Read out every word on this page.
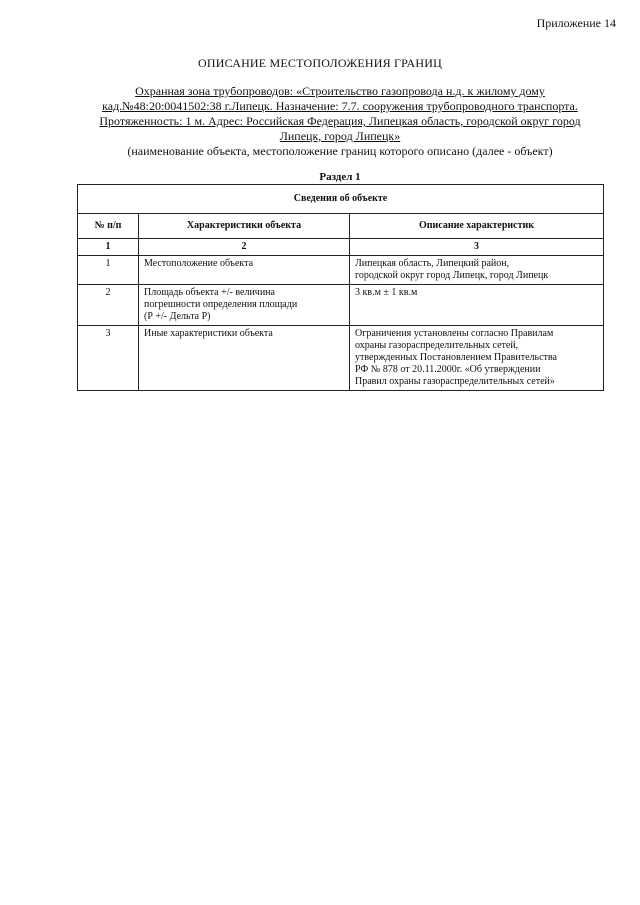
Приложение 14
ОПИСАНИЕ МЕСТОПОЛОЖЕНИЯ ГРАНИЦ
Охранная зона трубопроводов: «Строительство газопровода н.д. к жилому дому
кад.№48:20:0041502:38 г.Липецк. Назначение: 7.7. сооружения трубопроводного транспорта.
Протяженность: 1 м. Адрес: Российская Федерация, Липецкая область, городской округ город
Липецк, город Липецк»
(наименование объекта, местоположение границ которого описано (далее - объект)
Раздел 1
Сведения об объекте		
№ п/п	Характеристики объекта	Описание характеристик
1	2	3
1	Местоположение объекта	Липецкая область, Липецкий район,
городской округ город Липецк, город Липецк

2	Площадь объекта +/- величина
погрешности определения площади
(Р +/- Дельта Р)	3 кв.м ± 1 кв.м

3	Иные характеристики объекта	Ограничения установлены согласно Правилам
охраны газораспределительных сетей,
утвержденных Постановлением Правительства
РФ № 878 от 20.11.2000г. «Об утверждении
Правил охраны газораспределительных сетей»
